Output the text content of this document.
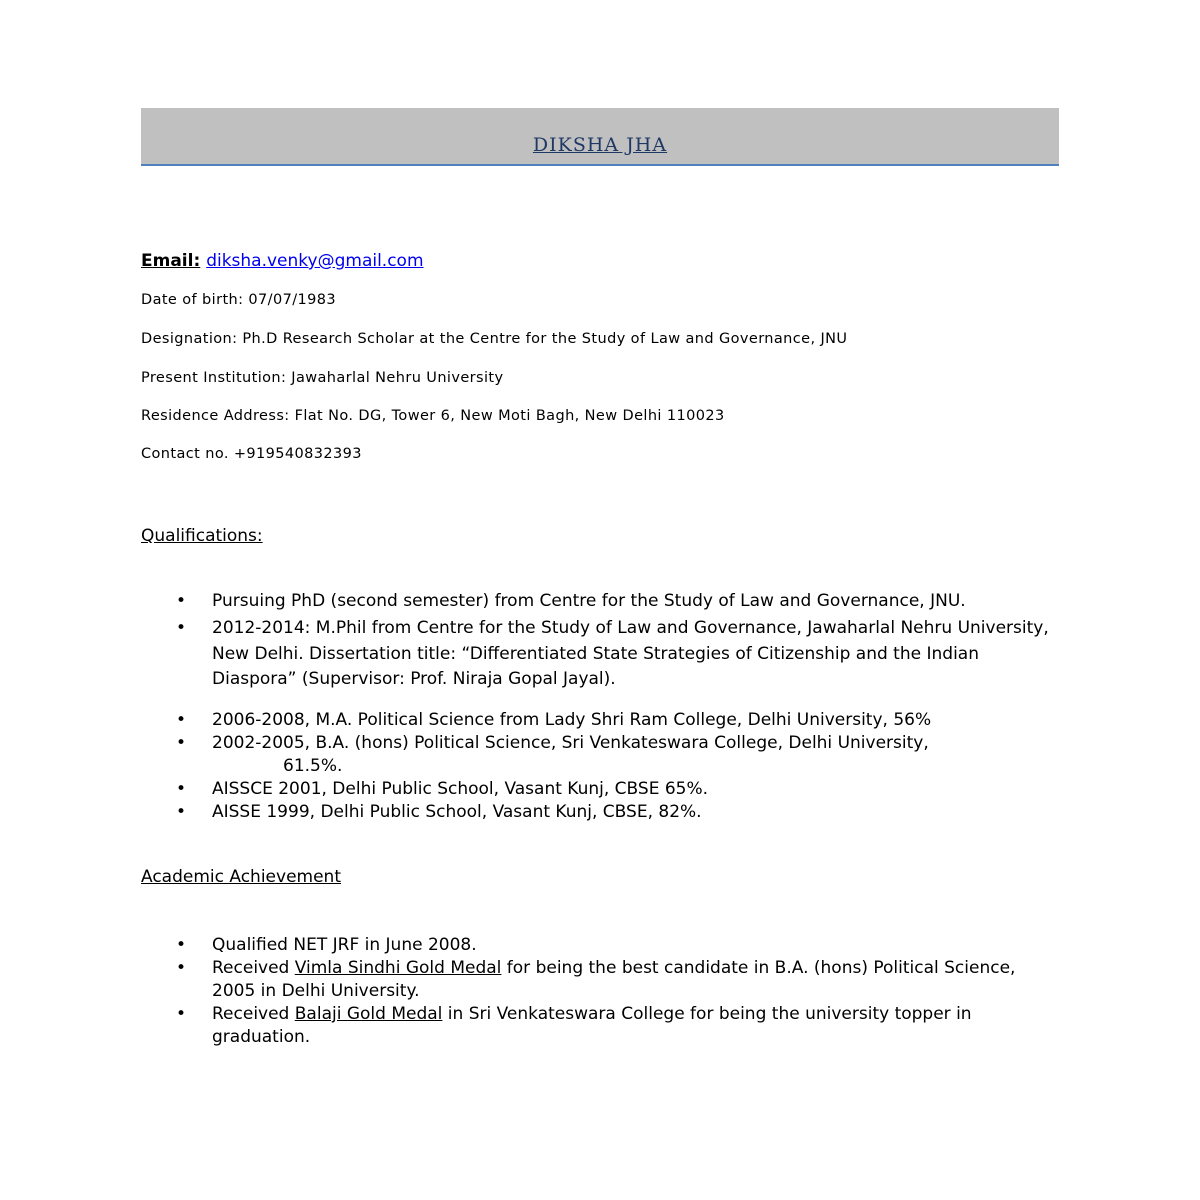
DIKSHA JHA
Email: diksha.venky@gmail.com
Date of birth: 07/07/1983
Designation: Ph.D Research Scholar at the Centre for the Study of Law and Governance, JNU
Present Institution: Jawaharlal Nehru University
Residence Address: Flat No. DG, Tower 6, New Moti Bagh, New Delhi 110023
Contact no. +919540832393
Qualifications:
• Pursuing PhD (second semester) from Centre for the Study of Law and Governance, JNU.
• 2012-2014: M.Phil from Centre for the Study of Law and Governance, Jawaharlal Nehru University, New Delhi. Dissertation title: “Differentiated State Strategies of Citizenship and the Indian Diaspora” (Supervisor: Prof. Niraja Gopal Jayal).
• 2006-2008, M.A. Political Science from Lady Shri Ram College, Delhi University, 56%
• 2002-2005, B.A. (hons) Political Science, Sri Venkateswara College, Delhi University,
61.5%.
• AISSCE 2001, Delhi Public School, Vasant Kunj, CBSE 65%.
• AISSE 1999, Delhi Public School, Vasant Kunj, CBSE, 82%.
Academic Achievement
• Qualified NET JRF in June 2008.
• Received Vimla Sindhi Gold Medal for being the best candidate in B.A. (hons) Political Science, 2005 in Delhi University.
• Received Balaji Gold Medal in Sri Venkateswara College for being the university topper in graduation.
